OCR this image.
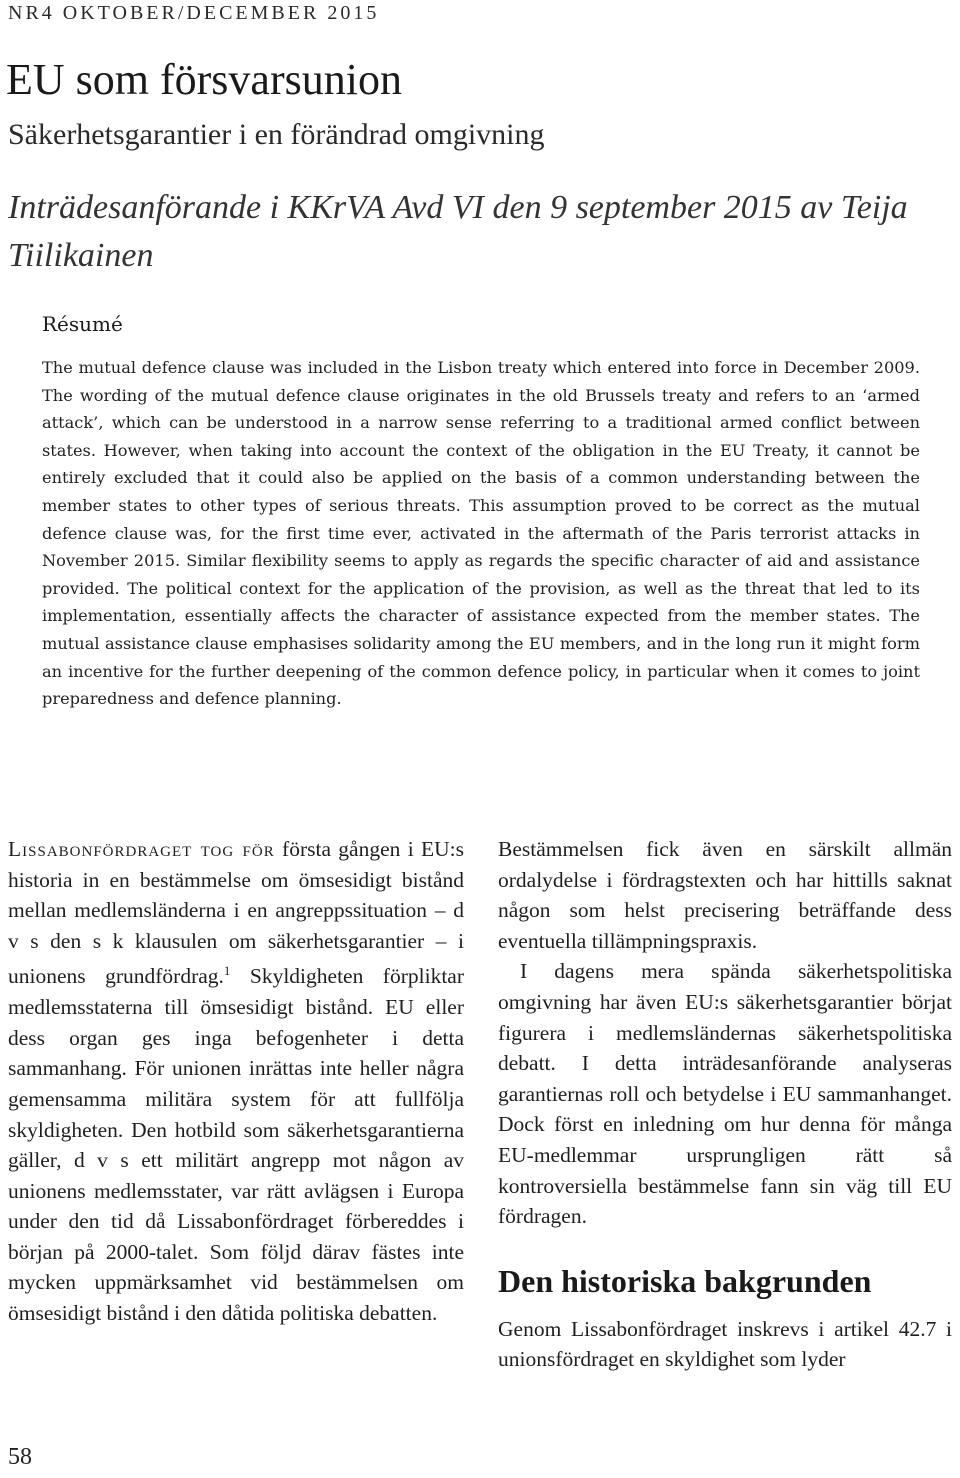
NR4 OKTOBER/DECEMBER 2015
EU som försvarsunion
Säkerhetsgarantier i en förändrad omgivning
Inträdesanförande i KKrVA Avd VI den 9 september 2015 av Teija Tiilikainen
Résumé
The mutual defence clause was included in the Lisbon treaty which entered into force in December 2009. The wording of the mutual defence clause originates in the old Brussels treaty and refers to an ‘armed attack’, which can be understood in a narrow sense referring to a traditional armed conflict between states. However, when taking into account the context of the obligation in the EU Treaty, it cannot be entirely excluded that it could also be applied on the basis of a common understanding between the member states to other types of serious threats. This assumption proved to be correct as the mutual defence clause was, for the first time ever, activated in the aftermath of the Paris terrorist attacks in November 2015. Similar flexibility seems to apply as regards the specific character of aid and assistance provided. The political context for the application of the provision, as well as the threat that led to its implementation, essentially affects the character of assistance expected from the member states. The mutual assistance clause emphasises solidarity among the EU members, and in the long run it might form an incentive for the further deepening of the common defence policy, in particular when it comes to joint preparedness and defence planning.

Lissabonfördraget tog för första gången i EU:s historia in en bestämmelse om ömsesidigt bistånd mellan medlemsländerna i en angreppssituation – d v s den s k klausulen om säkerhetsgarantier – i unionens grundfördrag.$^1$ Skyldigheten förpliktar medlemsstaterna till ömsesidigt bistånd. EU eller dess organ ges inga befogenheter i detta sammanhang. För unionen inrättas inte heller några gemensamma militära system för att fullfölja skyldigheten. Den hotbild som säkerhetsgarantierna gäller, d v s ett militärt angrepp mot någon av unionens medlemsstater, var rätt avlägsen i Europa under den tid då Lissabonfördraget förbereddes i början på 2000-talet. Som följd därav fästes inte mycken uppmärksamhet vid bestämmelsen om ömsesidigt bistånd i den dåtida politiska debatten.

Bestämmelsen fick även en särskilt allmän ordalydelse i fördragstexten och har hittills saknat någon som helst precisering beträffande dess eventuella tillämpningspraxis.

I dagens mera spända säkerhetspolitiska omgivning har även EU:s säkerhetsgarantier börjat figurera i medlemsländernas säkerhetspolitiska debatt. I detta inträdesanförande analyseras garantiernas roll och betydelse i EU sammanhanget. Dock först en inledning om hur denna för många EU-medlemmar ursprungligen rätt så kontroversiella bestämmelse fann sin väg till EU fördragen.

Den historiska bakgrunden

Genom Lissabonfördraget inskrevs i artikel 42.7 i unionsfördraget en skyldighet som lyder

58
